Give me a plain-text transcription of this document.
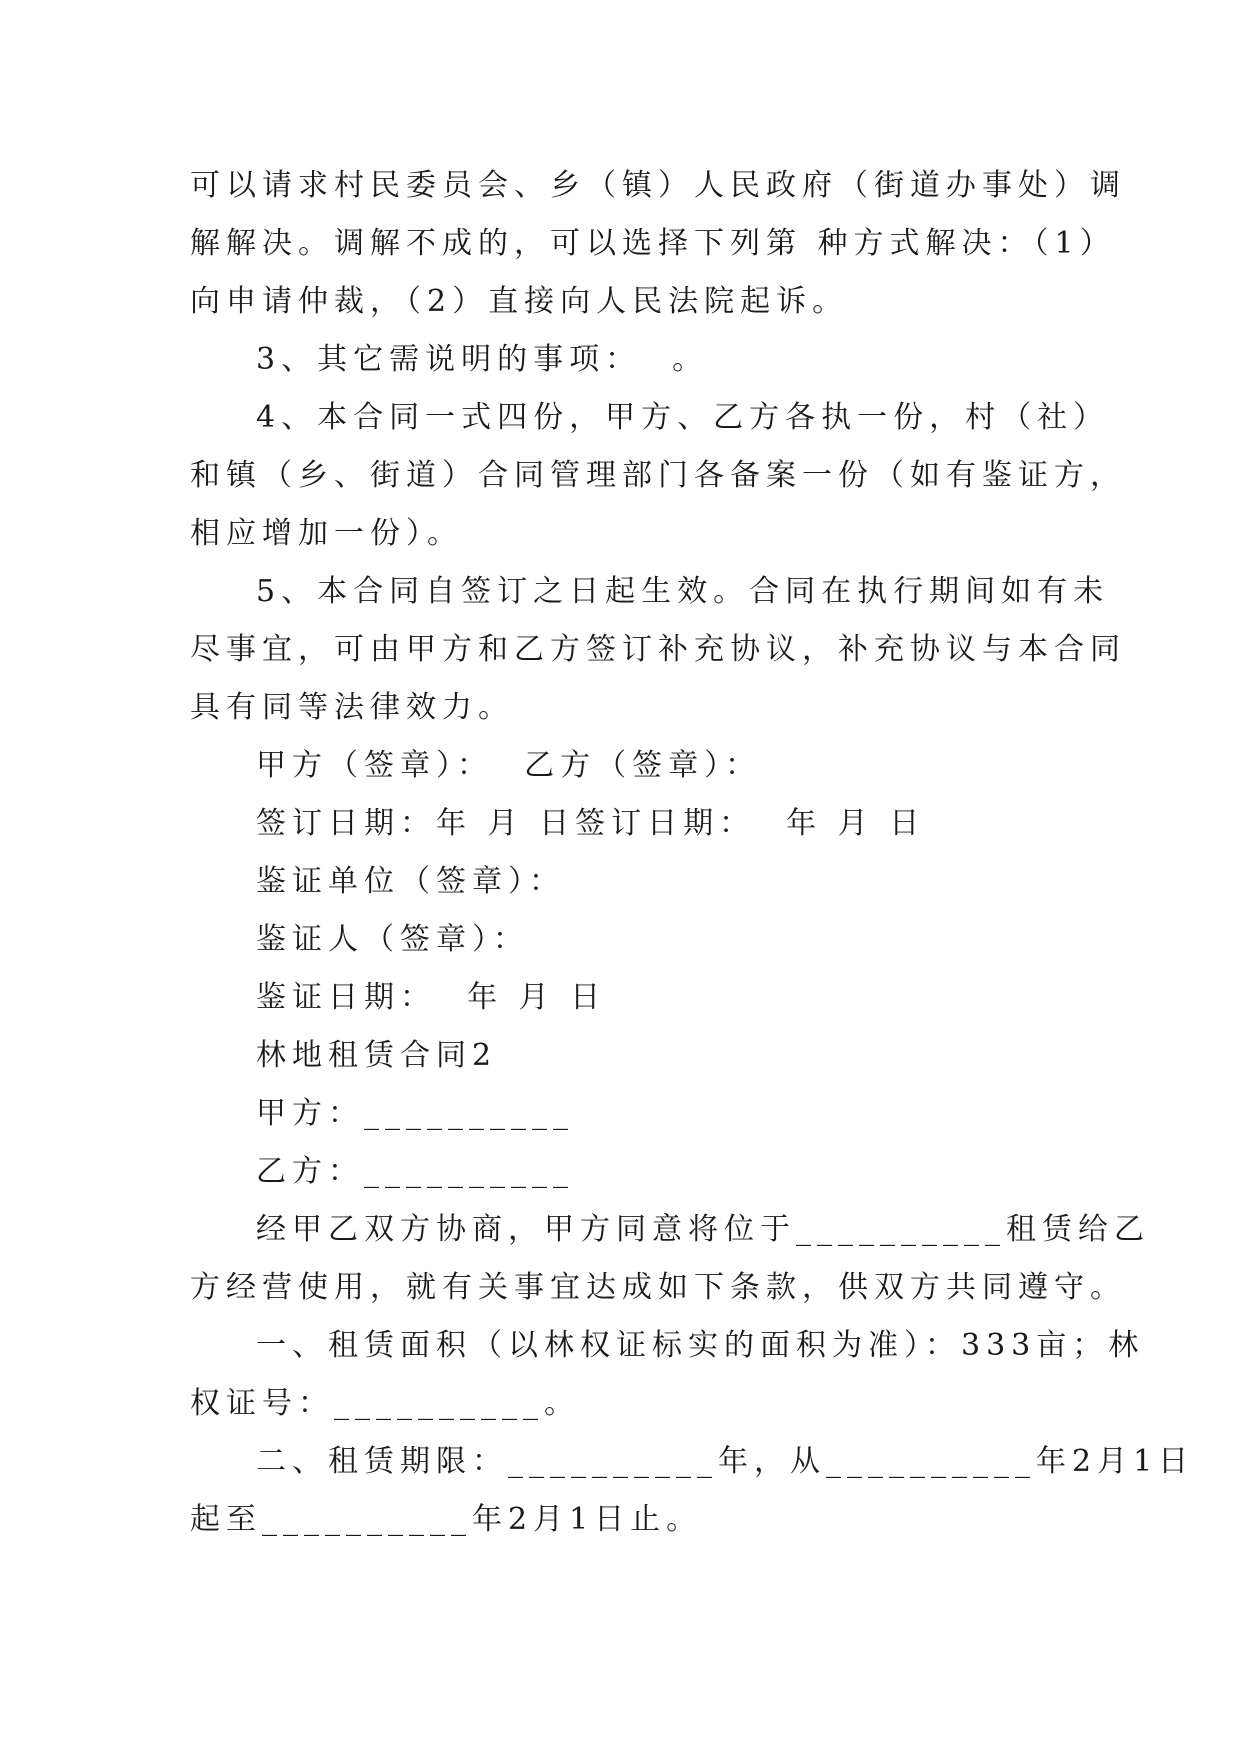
可以请求村民委员会、乡（镇）人民政府（街道办事处）调
解解决。调解不成的，可以选择下列第 种方式解决：（1）
向申请仲裁，（2）直接向人民法院起诉。
3、其它需说明的事项：  。
4、本合同一式四份，甲方、乙方各执一份，村（社）
和镇（乡、街道）合同管理部门各备案一份（如有鉴证方，
相应增加一份）。
5、本合同自签订之日起生效。合同在执行期间如有未
尽事宜，可由甲方和乙方签订补充协议，补充协议与本合同
具有同等法律效力。
甲方（签章）：  乙方（签章）：
签订日期：年 月 日签订日期：  年 月 日
鉴证单位（签章）：
鉴证人（签章）：
鉴证日期：  年 月 日
林地租赁合同2
甲方：__________
乙方：__________
经甲乙双方协商，甲方同意将位于__________租赁给乙
方经营使用，就有关事宜达成如下条款，供双方共同遵守。
一、租赁面积（以林权证标实的面积为准）：333亩；林
权证号：__________。
二、租赁期限：__________年，从__________年2月1日
起至__________年2月1日止。
